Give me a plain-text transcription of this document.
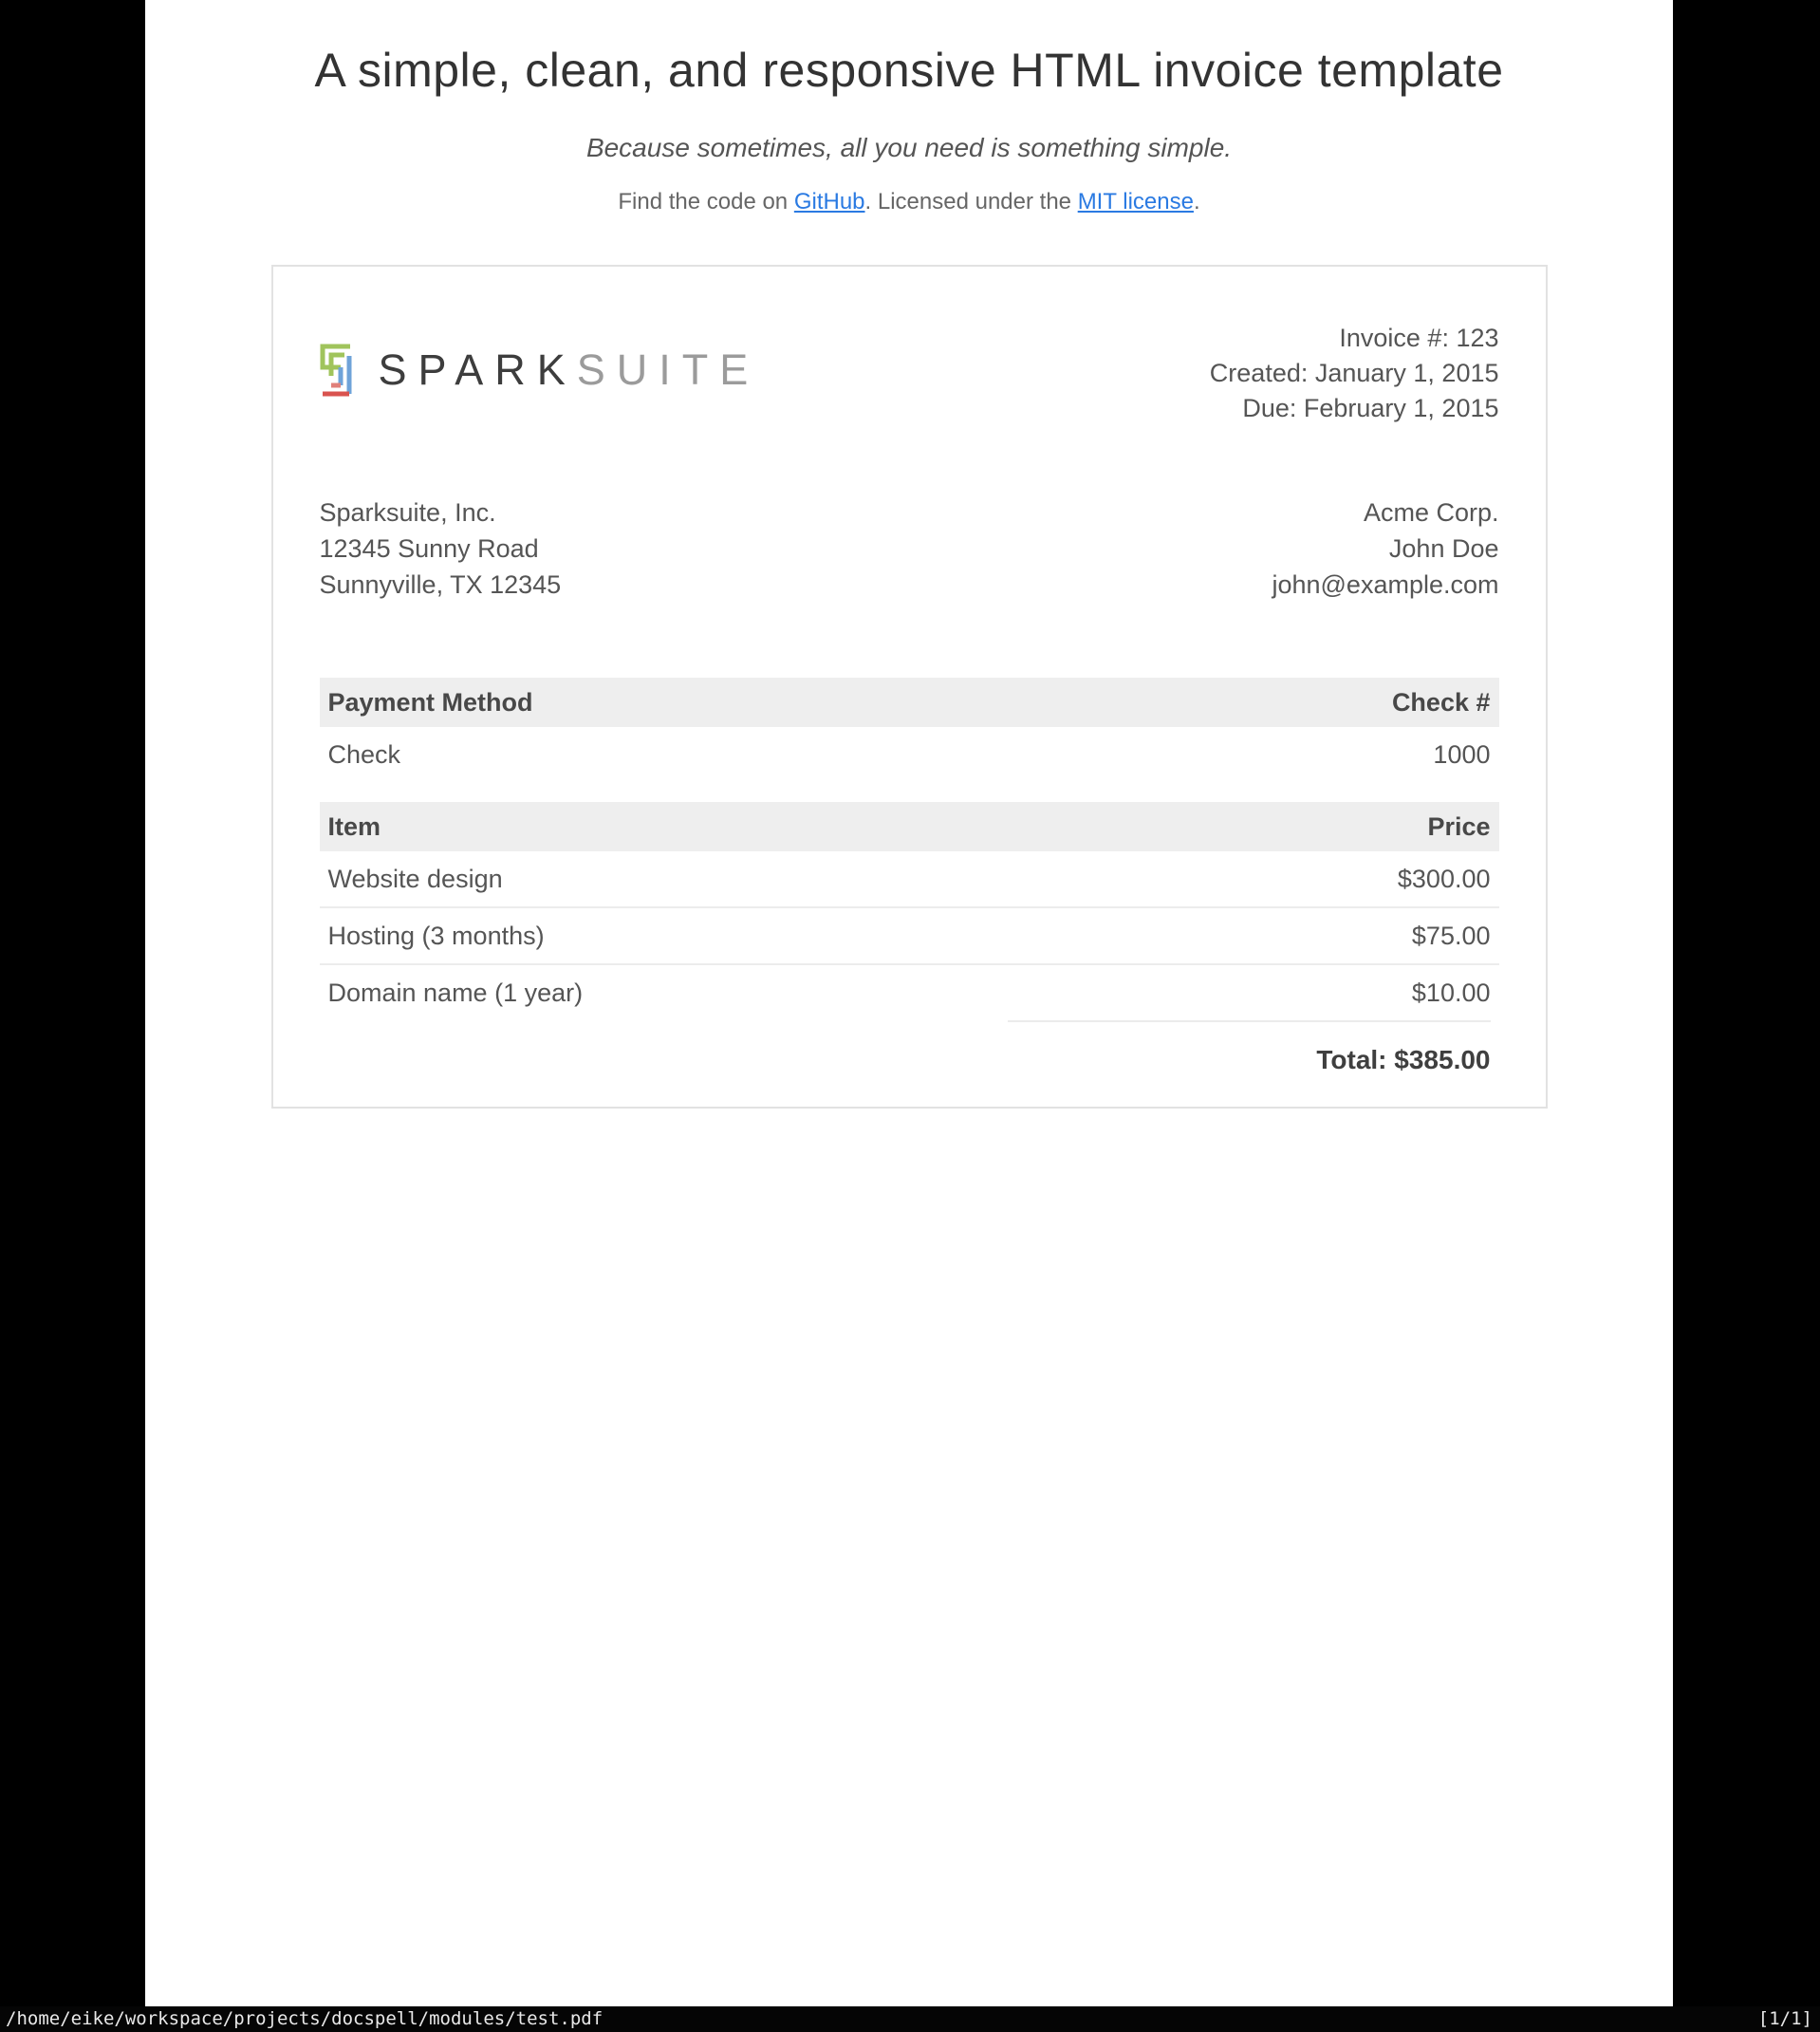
A simple, clean, and responsive HTML invoice template
Because sometimes, all you need is something simple.
Find the code on GitHub. Licensed under the MIT license.
SPARKSUITE
Invoice #: 123
Created: January 1, 2015
Due: February 1, 2015
Sparksuite, Inc.
12345 Sunny Road
Sunnyville, TX 12345
Acme Corp.
John Doe
john@example.com
Payment Method	Check #
Check	1000
Item	Price
Website design	$300.00
Hosting (3 months)	$75.00
Domain name (1 year)	$10.00
Total: $385.00
/home/eike/workspace/projects/docspell/modules/test.pdf	[1/1]
